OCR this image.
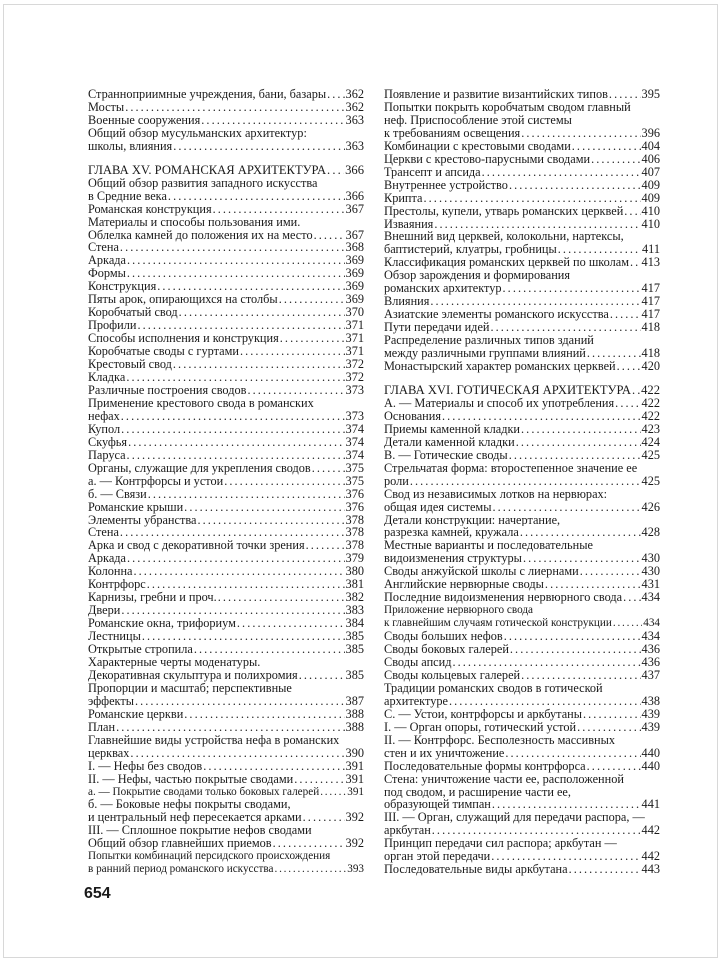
Странноприимные учреждения, бани, базары . . . 362
Мосты . . .	362
Военные сооружения . . .	363
Общий обзор мусульманских архитектур:
школы, влияния . . .	363
ГЛАВА XV. РОМАНСКАЯ АРХИТЕКТУРА . . . 366
Общий обзор развития западного искусства
в Средние века . . .	366
Романская конструкция . . .	367
Материалы и способы пользования ими.
Облелка камней до положения их на место . . .	367
Стена . . .	368
Аркада . . .	369
Формы . . .	369
Конструкция . . .	369
Пяты арок, опирающихся на столбы . . .	369
Коробчатый свод . . .	370
Профили . . .	371
Способы исполнения и конструкция . . .	371
Коробчатые своды с гуртами . . .	371
Крестовый свод . . .	372
Кладка . . .	372
Различные построения сводов . . .	373
Применение крестового свода в романских
нефах . . .	373
Купол . . .	374
Скуфья . . .	374
Паруса . . .	374
Органы, служащие для укрепления сводов . . .	375
а. — Контрфорсы и устои . . .	375
б. — Связи . . .	376
Романские крыши . . .	376
Элементы убранства . . .	378
Стена . . .	378
Арка и свод с декоративной точки зрения . . .	378
Аркада . . .	379
Колонна . . .	380
Контрфорс . . .	381
Карнизы, гребни и проч. . . .	382
Двери . . .	383
Романские окна, трифориум . . .	384
Лестницы . . .	385
Открытые стропила . . .	385
Характерные черты моденатуры.
Декоративная скульптура и полихромия . . .	385
Пропорции и масштаб; перспективные
эффекты . . .	387
Романские церкви . . .	388
План . . .	388
Главнейшие виды устройства нефа в романских
церквах . . .	390
I. — Нефы без сводов . . .	391
II. — Нефы, частью покрытые сводами . . .	391
а. — Покрытие сводами только боковых галерей . . .	391
б. — Боковые нефы покрыты сводами,
и центральный неф пересекается арками . . .	392
III. — Сплошное покрытие нефов сводами
Общий обзор главнейших приемов . . .	392
Попытки комбинаций персидского происхождения
в ранний период романского искусства . . .	393
Появление и развитие византийских типов . . .	395
Попытки покрыть коробчатым сводом главный
неф. Приспособление этой системы
к требованиям освещения . . .	396
Комбинации с крестовыми сводами . . .	404
Церкви с крестово-парусными сводами . . .	406
Трансепт и апсида . . .	407
Внутреннее устройство . . .	409
Крипта . . .	409
Престолы, купели, утварь романских церквей . . . 410
Изваяния . . .	410
Внешний вид церквей, колокольни, нартексы,
баптистерий, клуатры, гробницы . . .	411
Классификация романских церквей по школам . . . 413
Обзор зарождения и формирования
романских архитектур . . .	417
Влияния . . .	417
Азиатские элементы романского искусства . . .	417
Пути передачи идей . . .	418
Распределение различных типов зданий
между различными группами влияний . . .	418
Монастырский характер романских церквей . . . 420
ГЛАВА XVI. ГОТИЧЕСКАЯ АРХИТЕКТУРА . . . 422
А. — Материалы и способ их употребления . . . 422
Основания . . .	422
Приемы каменной кладки . . .	423
Детали каменной кладки . . .	424
В. — Готические своды . . .	425
Стрельчатая форма: второстепенное значение ее
роли . . .	425
Свод из независимых лотков на нервюрах:
общая идея системы . . .	426
Детали конструкции: начертание,
разрезка камней, кружала . . .	428
Местные варианты и последовательные
видоизменения структуры . . .	430
Своды анжуйской школы с лиернами . . .	430
Английские нервюрные своды . . .	431
Последние видоизменения нервюрного свода . . . 434
Приложение нервюрного свода
к главнейшим случаям готической конструкции . . .	434
Своды больших нефов . . .	434
Своды боковых галерей . . .	436
Своды апсид . . .	436
Своды кольцевых галерей . . .	437
Традиции романских сводов в готической
архитектуре . . .	438
С. — Устои, контрфорсы и аркбутаны . . .	439
I. — Орган опоры, готический устой . . .	439
II. — Контрфорс. Бесполезность массивных
стен и их уничтожение . . .	440
Последовательные формы контрфорса . . .	440
Стена: уничтожение части ее, расположенной
под сводом, и расширение части ее,
образующей тимпан . . .	441
III. — Орган, служащий для передачи распора, —
аркбутан . . .	442
Принцип передачи сил распора; аркбутан —
орган этой передачи . . .	442
Последовательные виды аркбутана . . .	443
654
